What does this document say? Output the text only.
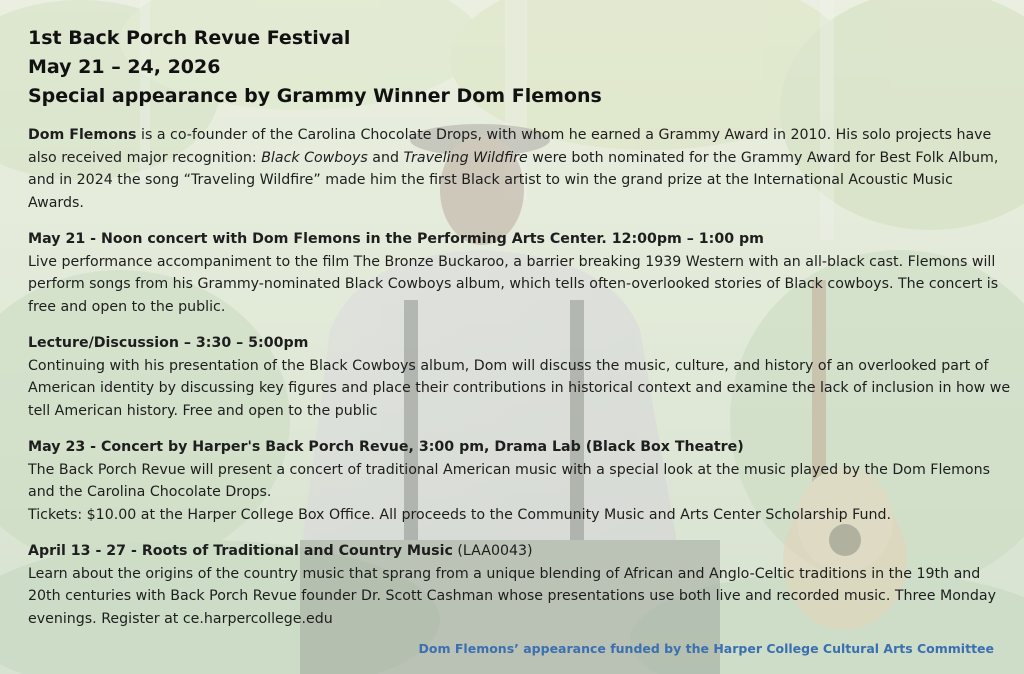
1st Back Porch Revue Festival

May 21 – 24, 2026

Special appearance by Grammy Winner Dom Flemons

Dom Flemons is a co-founder of the Carolina Chocolate Drops, with whom he earned a Grammy Award in 2010. His solo projects have also received major recognition: Black Cowboys and Traveling Wildfire were both nominated for the Grammy Award for Best Folk Album, and in 2024 the song “Traveling Wildfire” made him the first Black artist to win the grand prize at the International Acoustic Music Awards.
May 21 - Noon concert with Dom Flemons in the Performing Arts Center. 12:00pm – 1:00 pm
Live performance accompaniment to the film The Bronze Buckaroo, a barrier breaking 1939 Western with an all-black cast. Flemons will perform songs from his Grammy-nominated Black Cowboys album, which tells often-overlooked stories of Black cowboys. The concert is free and open to the public.
Lecture/Discussion – 3:30 – 5:00pm
Continuing with his presentation of the Black Cowboys album, Dom will discuss the music, culture, and history of an overlooked part of American identity by discussing key figures and place their contributions in historical context and examine the lack of inclusion in how we tell American history. Free and open to the public
May 23 - Concert by Harper's Back Porch Revue, 3:00 pm, Drama Lab (Black Box Theatre)
The Back Porch Revue will present a concert of traditional American music with a special look at the music played by the Dom Flemons and the Carolina Chocolate Drops.
Tickets: $10.00 at the Harper College Box Office. All proceeds to the Community Music and Arts Center Scholarship Fund.
April 13 - 27 - Roots of Traditional and Country Music (LAA0043)
Learn about the origins of the country music that sprang from a unique blending of African and Anglo-Celtic traditions in the 19th and 20th centuries with Back Porch Revue founder Dr. Scott Cashman whose presentations use both live and recorded music. Three Monday evenings. Register at ce.harpercollege.edu
Dom Flemons’ appearance funded by the Harper College Cultural Arts Committee
